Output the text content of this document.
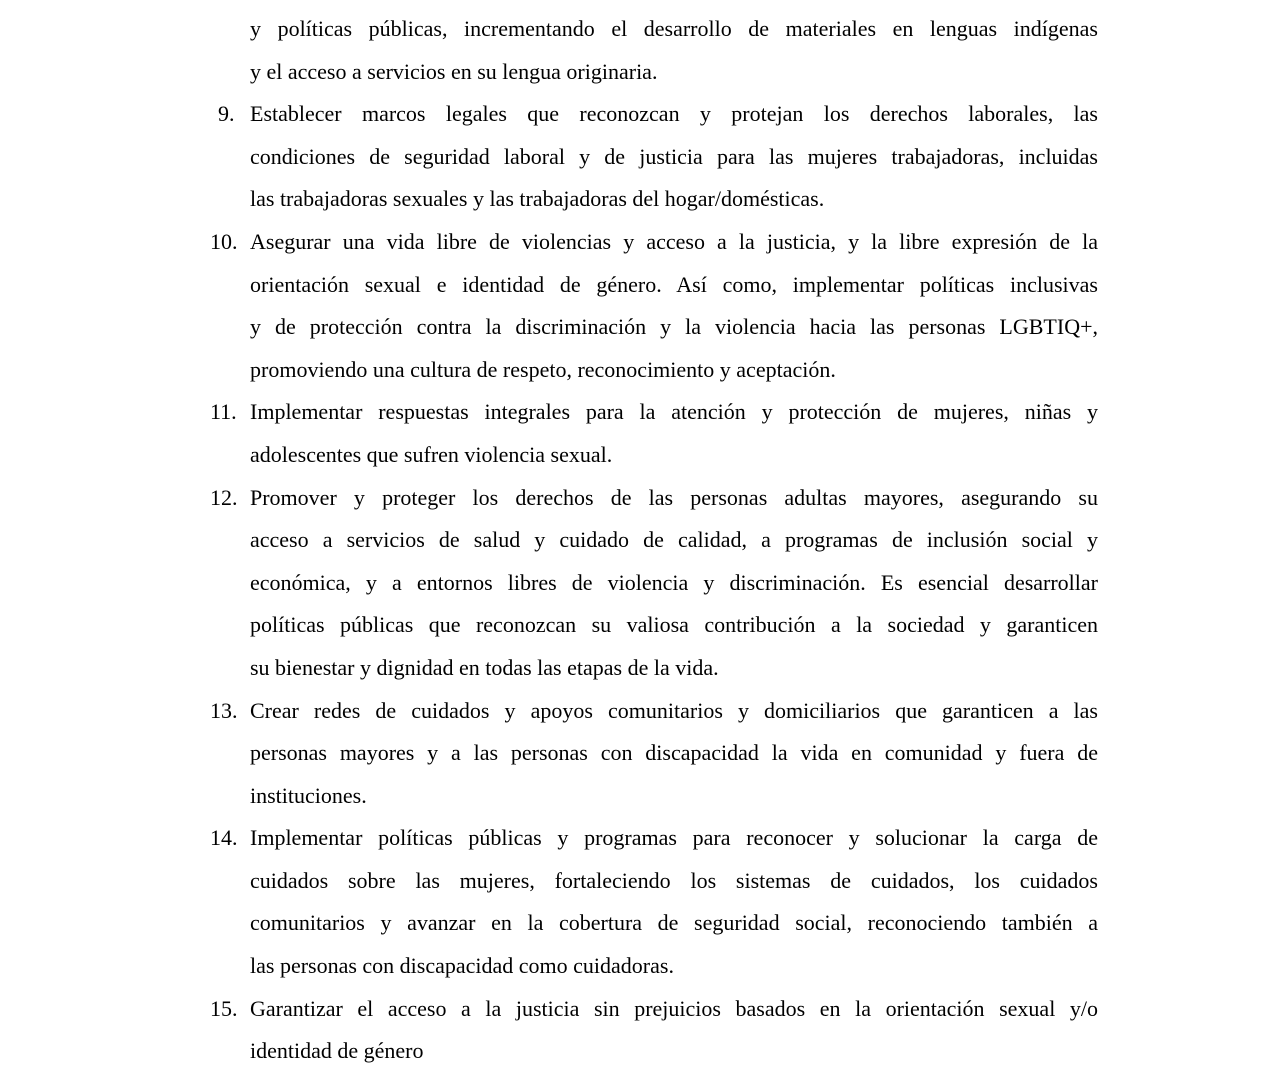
y políticas públicas, incrementando el desarrollo de materiales en lenguas indígenas
y el acceso a servicios en su lengua originaria.
9. Establecer marcos legales que reconozcan y protejan los derechos laborales, las
condiciones de seguridad laboral y de justicia para las mujeres trabajadoras, incluidas
las trabajadoras sexuales y las trabajadoras del hogar/domésticas.
10. Asegurar una vida libre de violencias y acceso a la justicia, y la libre expresión de la
orientación sexual e identidad de género. Así como, implementar políticas inclusivas
y de protección contra la discriminación y la violencia hacia las personas LGBTIQ+,
promoviendo una cultura de respeto, reconocimiento y aceptación.
11. Implementar respuestas integrales para la atención y protección de mujeres, niñas y
adolescentes que sufren violencia sexual.
12. Promover y proteger los derechos de las personas adultas mayores, asegurando su
acceso a servicios de salud y cuidado de calidad, a programas de inclusión social y
económica, y a entornos libres de violencia y discriminación. Es esencial desarrollar
políticas públicas que reconozcan su valiosa contribución a la sociedad y garanticen
su bienestar y dignidad en todas las etapas de la vida.
13. Crear redes de cuidados y apoyos comunitarios y domiciliarios que garanticen a las
personas mayores y a las personas con discapacidad la vida en comunidad y fuera de
instituciones.
14. Implementar políticas públicas y programas para reconocer y solucionar la carga de
cuidados sobre las mujeres, fortaleciendo los sistemas de cuidados, los cuidados
comunitarios y avanzar en la cobertura de seguridad social, reconociendo también a
las personas con discapacidad como cuidadoras.
15. Garantizar el acceso a la justicia sin prejuicios basados en la orientación sexual y/o
identidad de género
